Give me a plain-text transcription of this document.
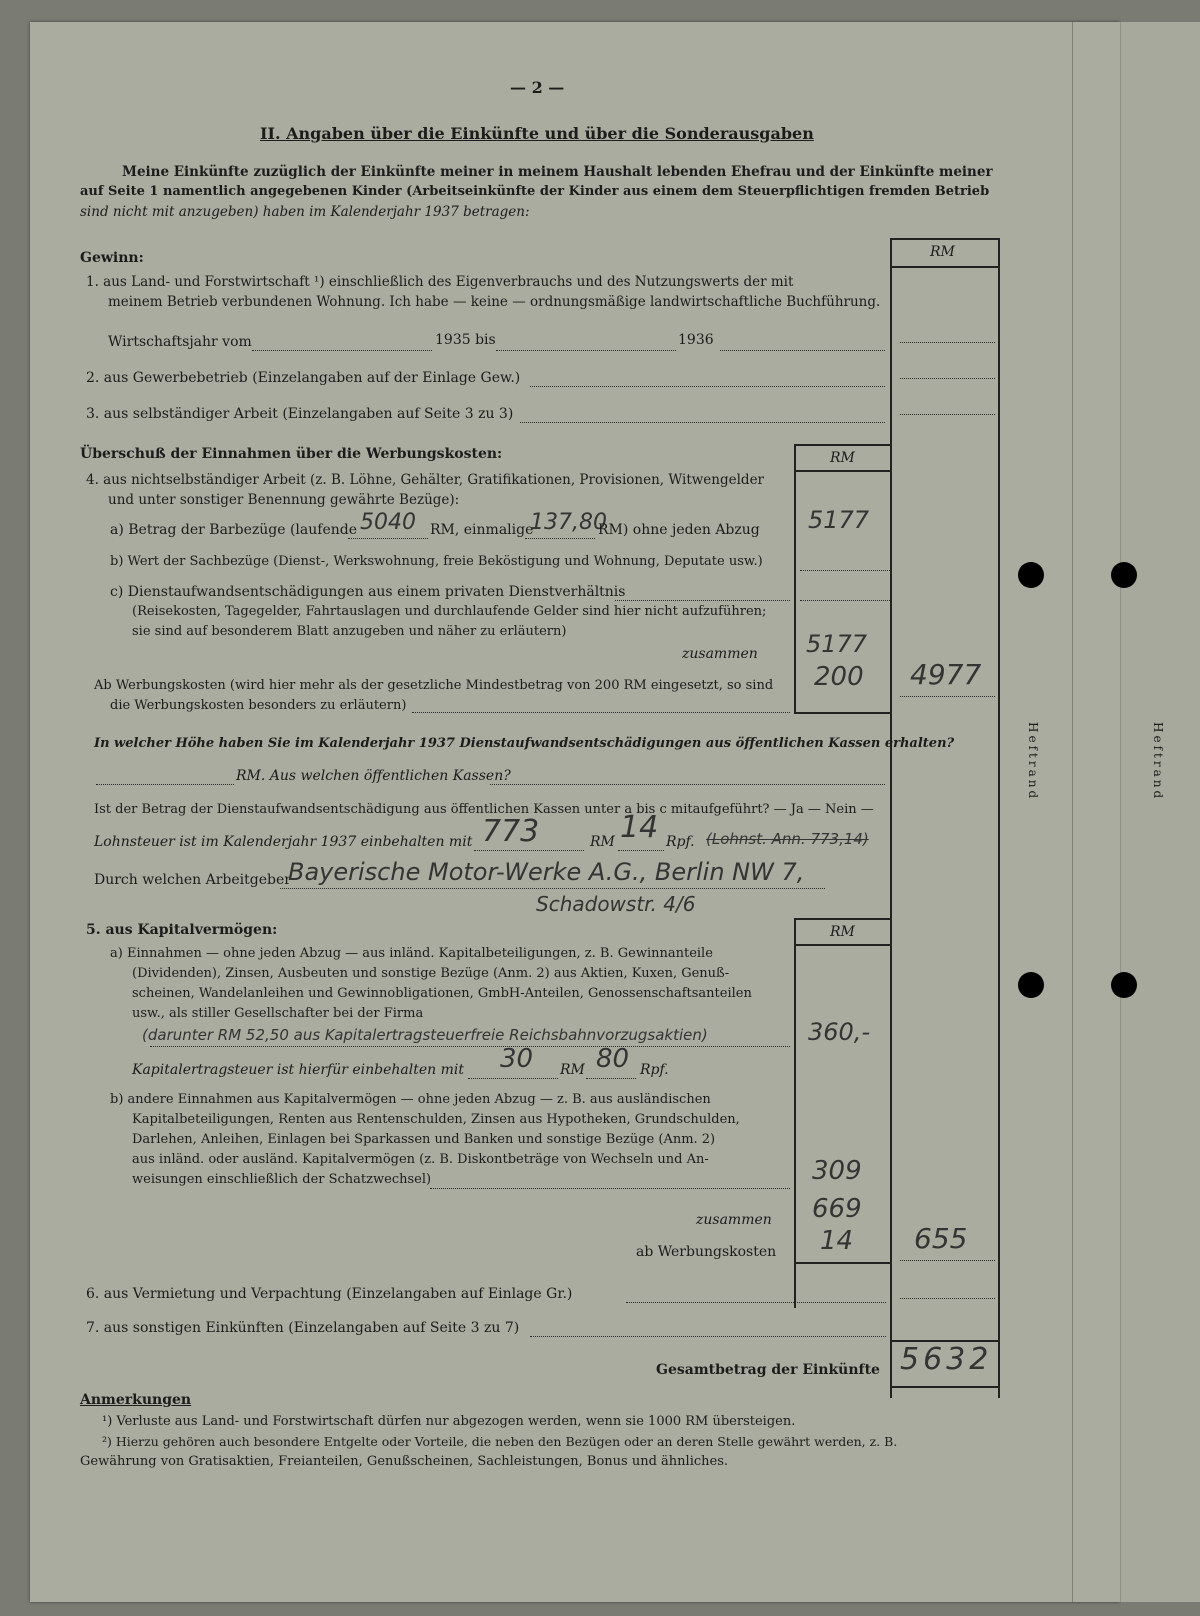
— 2 —
II. Angaben über die Einkünfte und über die Sonderausgaben
Meine Einkünfte zuzüglich der Einkünfte meiner in meinem Haushalt lebenden Ehefrau und der Einkünfte meiner
auf Seite 1 namentlich angegebenen Kinder (Arbeitseinkünfte der Kinder aus einem dem Steuerpflichtigen fremden Betrieb
sind nicht mit anzugeben) haben im Kalenderjahr 1937 betragen:
RM
Gewinn:
1. aus Land- und Forstwirtschaft ¹) einschließlich des Eigenverbrauchs und des Nutzungswerts der mit
meinem Betrieb verbundenen Wohnung. Ich habe — keine — ordnungsmäßige landwirtschaftliche Buchführung.
Wirtschaftsjahr vom	1935 bis	1936
2. aus Gewerbebetrieb (Einzelangaben auf der Einlage Gew.)
3. aus selbständiger Arbeit (Einzelangaben auf Seite 3 zu 3)
RM
Überschuß der Einnahmen über die Werbungskosten:
4. aus nichtselbständiger Arbeit (z. B. Löhne, Gehälter, Gratifikationen, Provisionen, Witwengelder
und unter sonstiger Benennung gewährte Bezüge):
a) Betrag der Barbezüge (laufende 5040 RM, einmalige
137,80
RM) ohne jeden Abzug 5177
b) Wert der Sachbezüge (Dienst-, Werkswohnung, freie Beköstigung und Wohnung, Deputate usw.)
c) Dienstaufwandsentschädigungen aus einem privaten Dienstverhältnis
(Reisekosten, Tagegelder, Fahrtauslagen und durchlaufende Gelder sind hier nicht aufzuführen;
sie sind auf besonderem Blatt anzugeben und näher zu erläutern)
zusammen 5177
Ab Werbungskosten (wird hier mehr als der gesetzliche Mindestbetrag von 200 RM eingesetzt, so sind
die Werbungskosten besonders zu erläutern)
200 4977
In welcher Höhe haben Sie im Kalenderjahr 1937 Dienstaufwandsentschädigungen aus öffentlichen Kassen erhalten?
RM. Aus welchen öffentlichen Kassen?
Ist der Betrag der Dienstaufwandsentschädigung aus öffentlichen Kassen unter a bis c mitaufgeführt? — Ja — Nein —
Lohnsteuer ist im Kalenderjahr 1937 einbehalten mit 773	RM 14 Rpf. (Lohnst. Ann. 773,14)
Durch welchen Arbeitgeber
Bayerische Motor-Werke A.G., Berlin NW 7,
Schadowstr. 4/6
RM
5. aus Kapitalvermögen:
a) Einnahmen — ohne jeden Abzug — aus inländ. Kapitalbeteiligungen, z. B. Gewinnanteile
(Dividenden), Zinsen, Ausbeuten und sonstige Bezüge (Anm. 2) aus Aktien, Kuxen, Genuß-
scheinen, Wandelanleihen und Gewinnobligationen, GmbH-Anteilen, Genossenschaftsanteilen
usw., als stiller Gesellschafter bei der Firma
(darunter RM 52,50 aus Kapitalertragsteuerfreie Reichsbahnvorzugsaktien)	360,-
Kapitalertragsteuer ist hierfür einbehalten mit 30 RM 80 Rpf.
b) andere Einnahmen aus Kapitalvermögen — ohne jeden Abzug — z. B. aus ausländischen
Kapitalbeteiligungen, Renten aus Rentenschulden, Zinsen aus Hypotheken, Grundschulden,
Darlehen, Anleihen, Einlagen bei Sparkassen und Banken und sonstige Bezüge (Anm. 2)
aus inländ. oder ausländ. Kapitalvermögen (z. B. Diskontbeträge von Wechseln und An-
weisungen einschließlich der Schatzwechsel)	309
zusammen 669
ab Werbungskosten 14 655
6. aus Vermietung und Verpachtung (Einzelangaben auf Einlage Gr.)
7. aus sonstigen Einkünften (Einzelangaben auf Seite 3 zu 7)
Gesamtbetrag der Einkünfte 5632
Anmerkungen
¹) Verluste aus Land- und Forstwirtschaft dürfen nur abgezogen werden, wenn sie 1000 RM übersteigen.
²) Hierzu gehören auch besondere Entgelte oder Vorteile, die neben den Bezügen oder an deren Stelle gewährt werden, z. B.
Gewährung von Gratisaktien, Freianteilen, Genußscheinen, Sachleistungen, Bonus und ähnliches.
Heftrand	Heftrand
